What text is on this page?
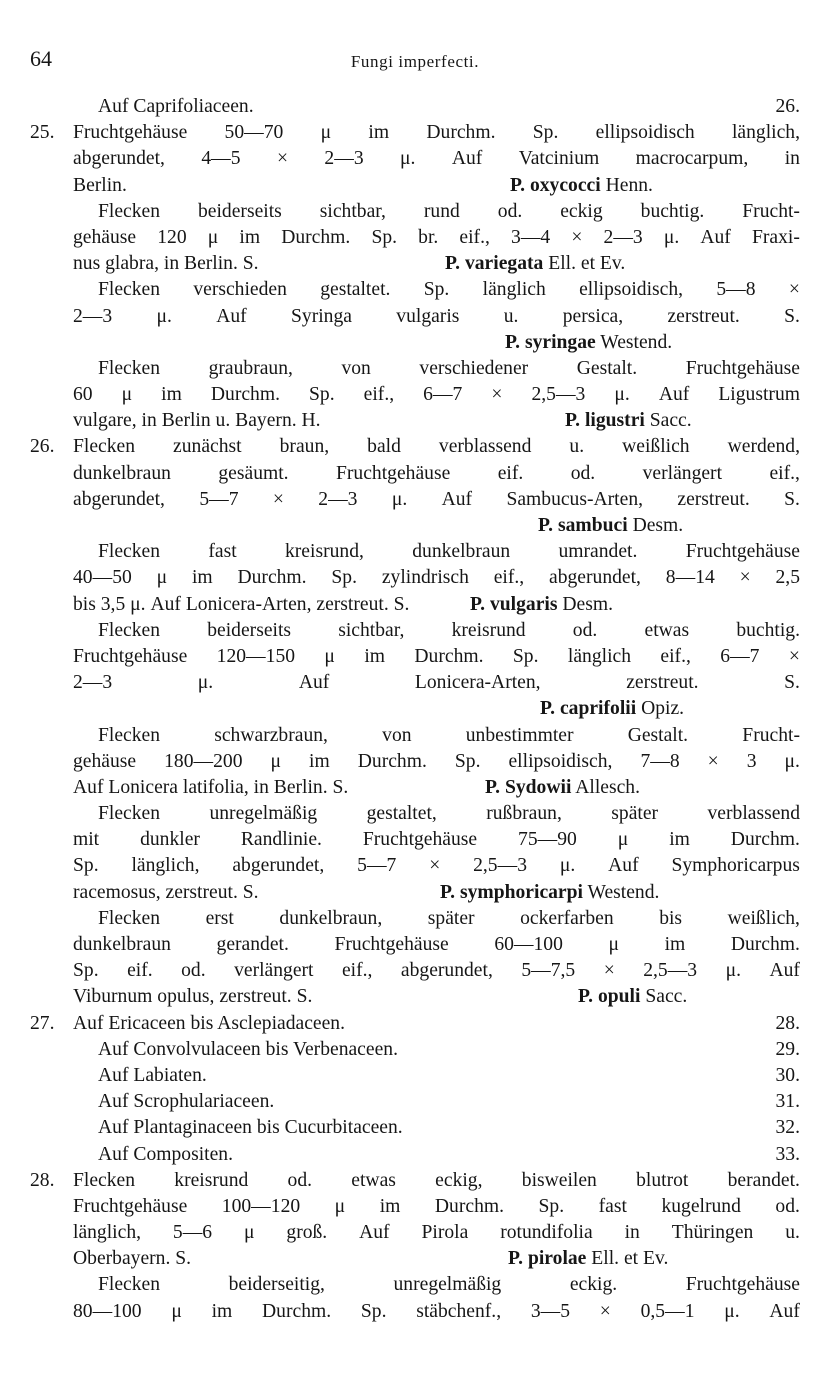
64	Fungi imperfecti.
Auf Caprifoliaceen.	26.
25. Fruchtgehäuse 50—70 μ im Durchm. Sp. ellipsoidisch länglich,
abgerundet, 4—5 × 2—3 μ. Auf Vatcinium macrocarpum, in
Berlin.	P. oxycocci Henn.
Flecken beiderseits sichtbar, rund od. eckig buchtig. Frucht-
gehäuse 120 μ im Durchm. Sp. br. eif., 3—4 × 2—3 μ. Auf Fraxi-
nus glabra, in Berlin. S.	P. variegata Ell. et Ev.
Flecken verschieden gestaltet. Sp. länglich ellipsoidisch, 5—8 ×
2—3 μ. Auf Syringa vulgaris u. persica, zerstreut. S.
P. syringae Westend.
Flecken graubraun, von verschiedener Gestalt. Fruchtgehäuse
60 μ im Durchm. Sp. eif., 6—7 × 2,5—3 μ. Auf Ligustrum
vulgare, in Berlin u. Bayern. H.	P. ligustri Sacc.
26. Flecken zunächst braun, bald verblassend u. weißlich werdend,
dunkelbraun gesäumt. Fruchtgehäuse eif. od. verlängert eif.,
abgerundet, 5—7 × 2—3 μ. Auf Sambucus-Arten, zerstreut. S.
P. sambuci Desm.
Flecken fast kreisrund, dunkelbraun umrandet. Fruchtgehäuse
40—50 μ im Durchm. Sp. zylindrisch eif., abgerundet, 8—14 × 2,5
bis 3,5 μ. Auf Lonicera-Arten, zerstreut. S.	P. vulgaris Desm.
Flecken beiderseits sichtbar, kreisrund od. etwas buchtig.
Fruchtgehäuse 120—150 μ im Durchm. Sp. länglich eif., 6—7 ×
2—3	μ.	Auf	Lonicera-Arten,	zerstreut.	S.
P. caprifolii Opiz.
Flecken	schwarzbraun,	von	unbestimmter	Gestalt.	Frucht-
gehäuse 180—200 μ im Durchm. Sp. ellipsoidisch, 7—8 × 3 μ.
Auf Lonicera latifolia, in Berlin. S.	P. Sydowii Allesch.
Flecken	unregelmäßig	gestaltet,	rußbraun,	später	verblassend
mit dunkler Randlinie. Fruchtgehäuse 75—90 μ im Durchm.
Sp. länglich, abgerundet, 5—7 × 2,5—3 μ. Auf Symphoricarpus
racemosus, zerstreut. S.	P. symphoricarpi Westend.
Flecken erst dunkelbraun, später ockerfarben bis weißlich,
dunkelbraun gerandet. Fruchtgehäuse 60—100 μ im Durchm.
Sp. eif. od. verlängert eif., abgerundet, 5—7,5 × 2,5—3 μ. Auf
Viburnum opulus, zerstreut. S.	P. opuli Sacc.
27. Auf Ericaceen bis Asclepiadaceen.	28.
Auf Convolvulaceen bis Verbenaceen.	29.
Auf Labiaten.	30.
Auf Scrophulariaceen.	31.
Auf Plantaginaceen bis Cucurbitaceen.	32.
Auf Compositen.	33.
28. Flecken kreisrund od. etwas eckig, bisweilen blutrot berandet.
Fruchtgehäuse 100—120 μ im Durchm. Sp. fast kugelrund od.
länglich, 5—6 μ groß. Auf Pirola rotundifolia in Thüringen u.
Oberbayern. S.	P. pirolae Ell. et Ev.
Flecken	beiderseitig,	unregelmäßig	eckig.	Fruchtgehäuse
80—100 μ im Durchm. Sp. stäbchenf., 3—5 × 0,5—1 μ. Auf
